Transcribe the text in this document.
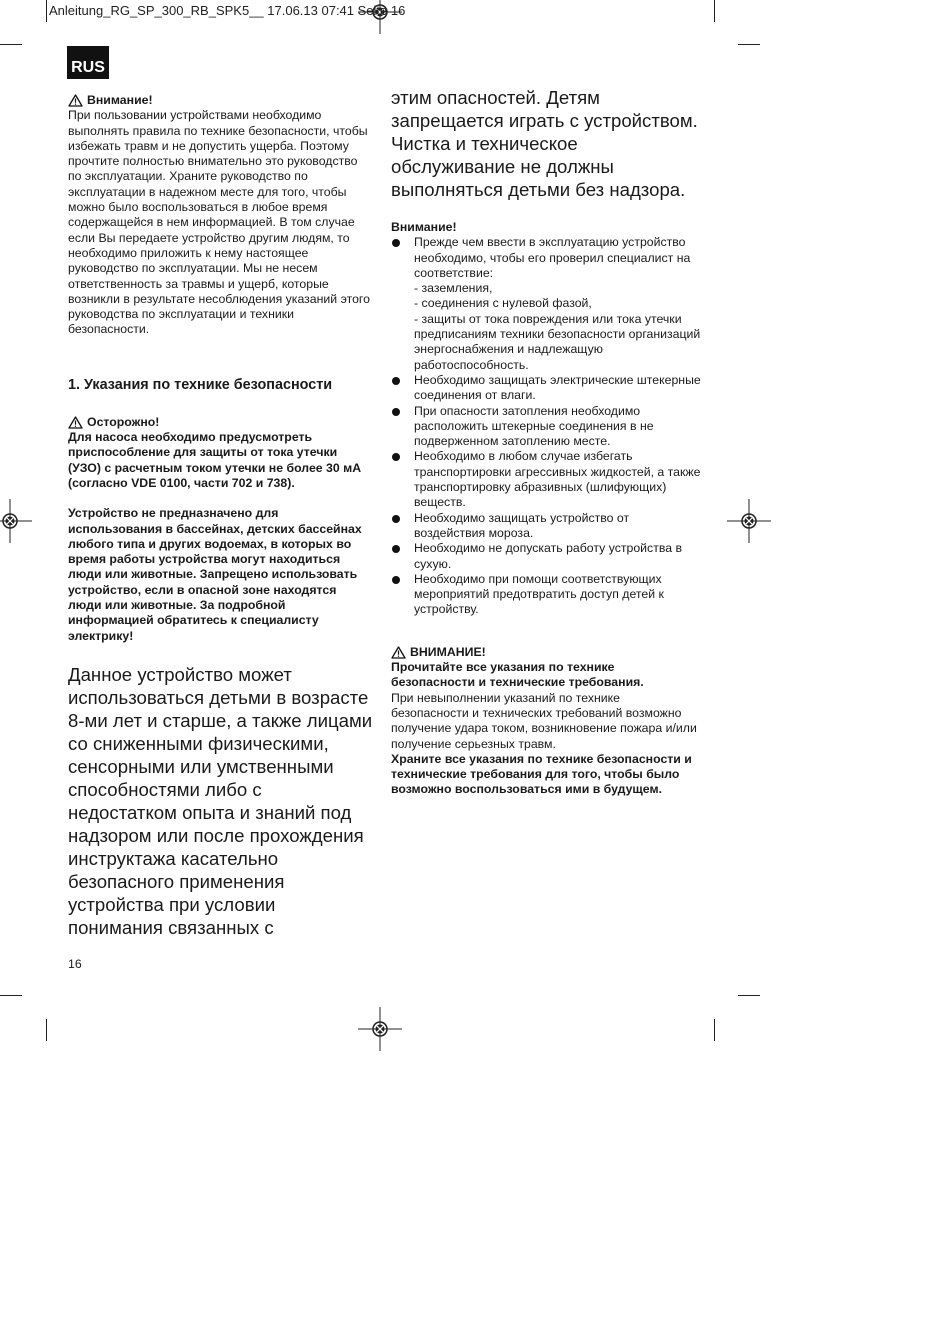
Anleitung_RG_SP_300_RB_SPK5__ 17.06.13 07:41 Seite 16
RUS
Внимание!

При пользовании устройствами необходимо выполнять правила по технике безопасности, чтобы избежать травм и не допустить ущерба. Поэтому прочтите полностью внимательно это руководство по эксплуатации. Храните руководство по эксплуатации в надежном месте для того, чтобы можно было воспользоваться в любое время содержащейся в нем информацией. В том случае если Вы передаете устройство другим людям, то необходимо приложить к нему настоящее руководство по эксплуатации. Мы не несем ответственность за травмы и ущерб, которые возникли в результате несоблюдения указаний этого руководства по эксплуатации и техники безопасности.

1. Указания по технике безопасности
Осторожно!

Для насоса необходимо предусмотреть приспособление для защиты от тока утечки (УЗО) с расчетным током утечки не более 30 мА (согласно VDE 0100, части 702 и 738).

Устройство не предназначено для использования в бассейнах, детских бассейнах любого типа и других водоемах, в которых во время работы устройства могут находиться люди или животные. Запрещено использовать устройство, если в опасной зоне находятся люди или животные. За подробной информацией обратитесь к специалисту электрику!

Данное устройство может использоваться детьми в возрасте 8-ми лет и старше, а также лицами со сниженными физическими, сенсорными или умственными способностями либо с недостатком опыта и знаний под надзором или после прохождения инструктажа касательно безопасного применения устройства при условии понимания связанных с

этим опасностей. Детям запрещается играть с устройством. Чистка и техническое обслуживание не должны выполняться детьми без надзора.

Внимание!
Прежде чем ввести в эксплуатацию устройство необходимо, чтобы его проверил специалист на соответствие:
- заземления,
- соединения с нулевой фазой,
- защиты от тока повреждения или тока утечки
предписаниям техники безопасности организаций энергоснабжения и надлежащую работоспособность.
Необходимо защищать электрические штекерные соединения от влаги.
При опасности затопления необходимо расположить штекерные соединения в не подверженном затоплению месте.
Необходимо в любом случае избегать транспортировки агрессивных жидкостей, а также транспортировку абразивных (шлифующих) веществ.
Необходимо защищать устройство от воздействия мороза.
Необходимо не допускать работу устройства в сухую.
Необходимо при помощи соответствующих мероприятий предотвратить доступ детей к устройству.
ВНИМАНИЕ!

Прочитайте все указания по технике безопасности и технические требования.

При невыполнении указаний по технике безопасности и технических требований возможно получение удара током, возникновение пожара и/или получение серьезных травм.

Храните все указания по технике безопасности и технические требования для того, чтобы было возможно воспользоваться ими в будущем.

16
